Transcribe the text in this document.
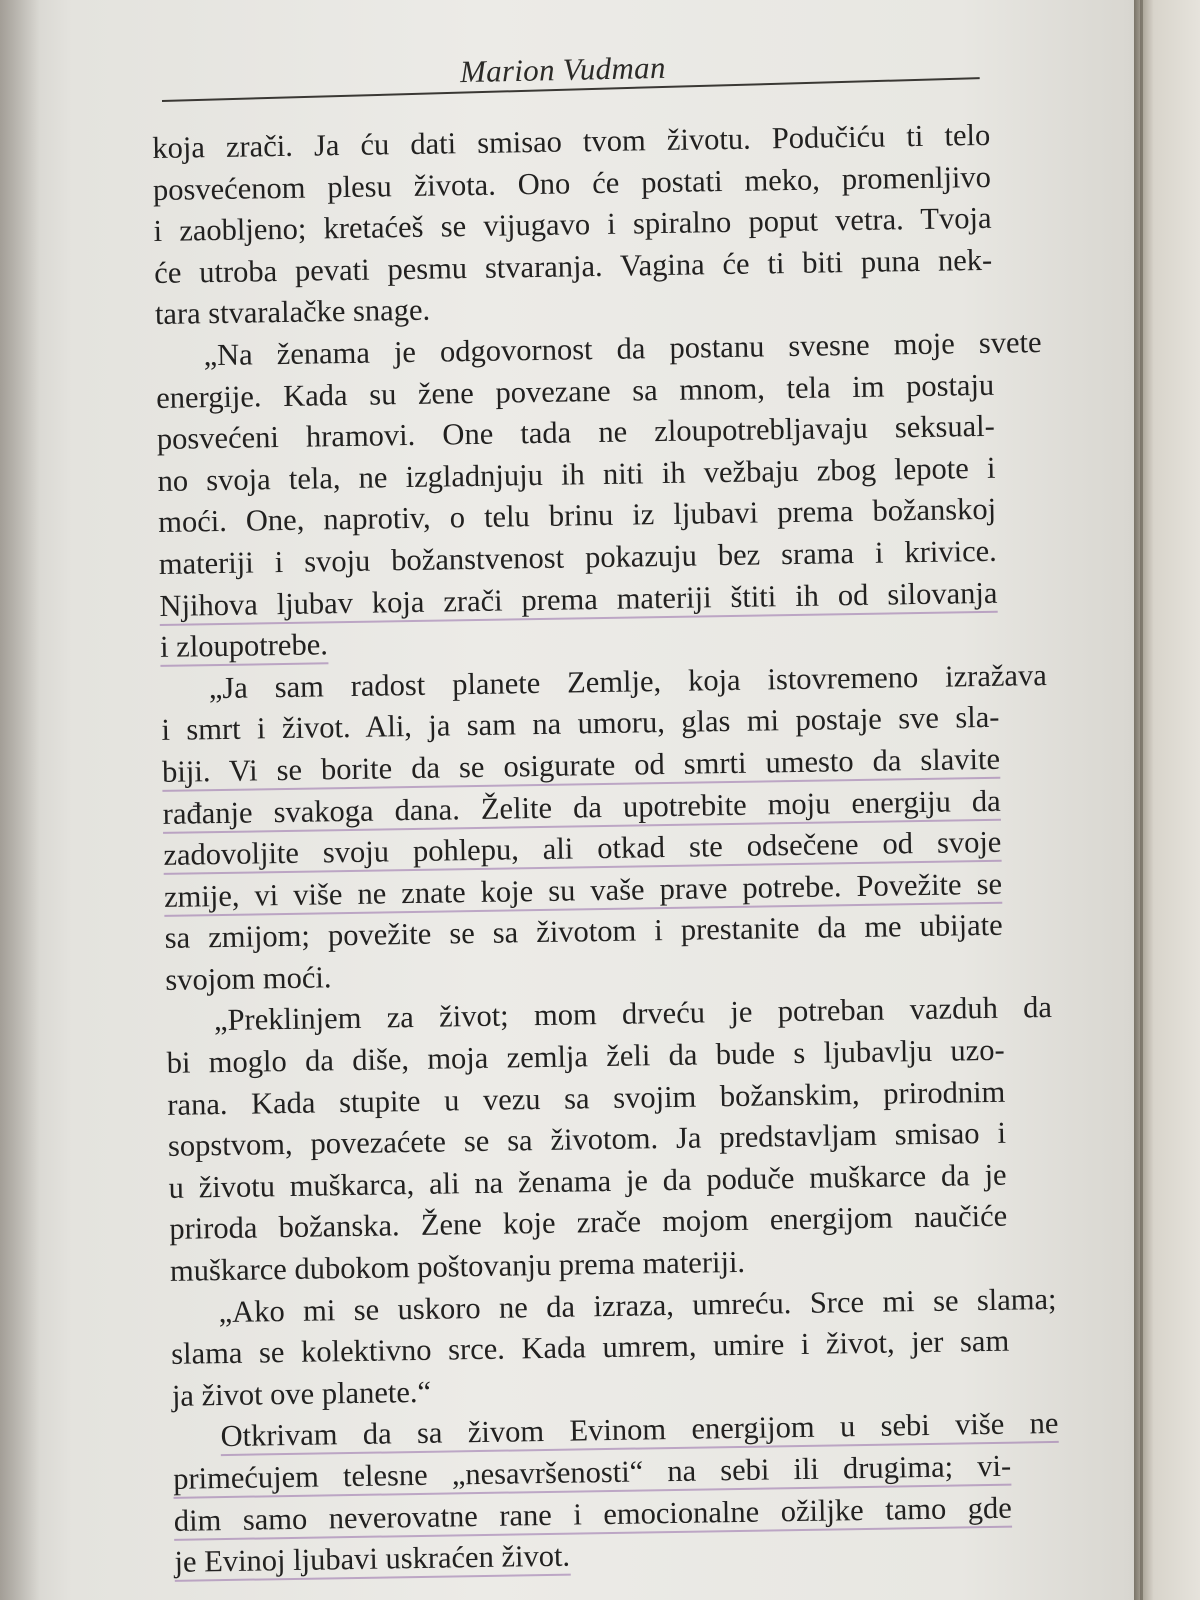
Marion Vudman
koja zrači. Ja ću dati smisao tvom životu. Podučiću ti telo
posvećenom plesu života. Ono će postati meko, promenljivo
i zaobljeno; kretaćeš se vijugavo i spiralno poput vetra. Tvoja
će utroba pevati pesmu stvaranja. Vagina će ti biti puna nek-
tara stvaralačke snage.
„Na ženama je odgovornost da postanu svesne moje svete
energije. Kada su žene povezane sa mnom, tela im postaju
posvećeni hramovi. One tada ne zloupotrebljavaju seksual-
no svoja tela, ne izgladnjuju ih niti ih vežbaju zbog lepote i
moći. One, naprotiv, o telu brinu iz ljubavi prema božanskoj
materiji i svoju božanstvenost pokazuju bez srama i krivice.
Njihova ljubav koja zrači prema materiji štiti ih od silovanja
i zloupotrebe.
„Ja sam radost planete Zemlje, koja istovremeno izražava
i smrt i život. Ali, ja sam na umoru, glas mi postaje sve sla-
biji. Vi se borite da se osigurate od smrti umesto da slavite
rađanje svakoga dana. Želite da upotrebite moju energiju da
zadovoljite svoju pohlepu, ali otkad ste odsečene od svoje
zmije, vi više ne znate koje su vaše prave potrebe. Povežite se
sa zmijom; povežite se sa životom i prestanite da me ubijate
svojom moći.
„Preklinjem za život; mom drveću je potreban vazduh da
bi moglo da diše, moja zemlja želi da bude s ljubavlju uzo-
rana. Kada stupite u vezu sa svojim božanskim, prirodnim
sopstvom, povezaćete se sa životom. Ja predstavljam smisao i
u životu muškarca, ali na ženama je da poduče muškarce da je
priroda božanska. Žene koje zrače mojom energijom naučiće
muškarce dubokom poštovanju prema materiji.
„Ako mi se uskoro ne da izraza, umreću. Srce mi se slama;
slama se kolektivno srce. Kada umrem, umire i život, jer sam
ja život ove planete.“
Otkrivam da sa živom Evinom energijom u sebi više ne
primećujem telesne „nesavršenosti“ na sebi ili drugima; vi-
dim samo neverovatne rane i emocionalne ožiljke tamo gde
je Evinoj ljubavi uskraćen život.
